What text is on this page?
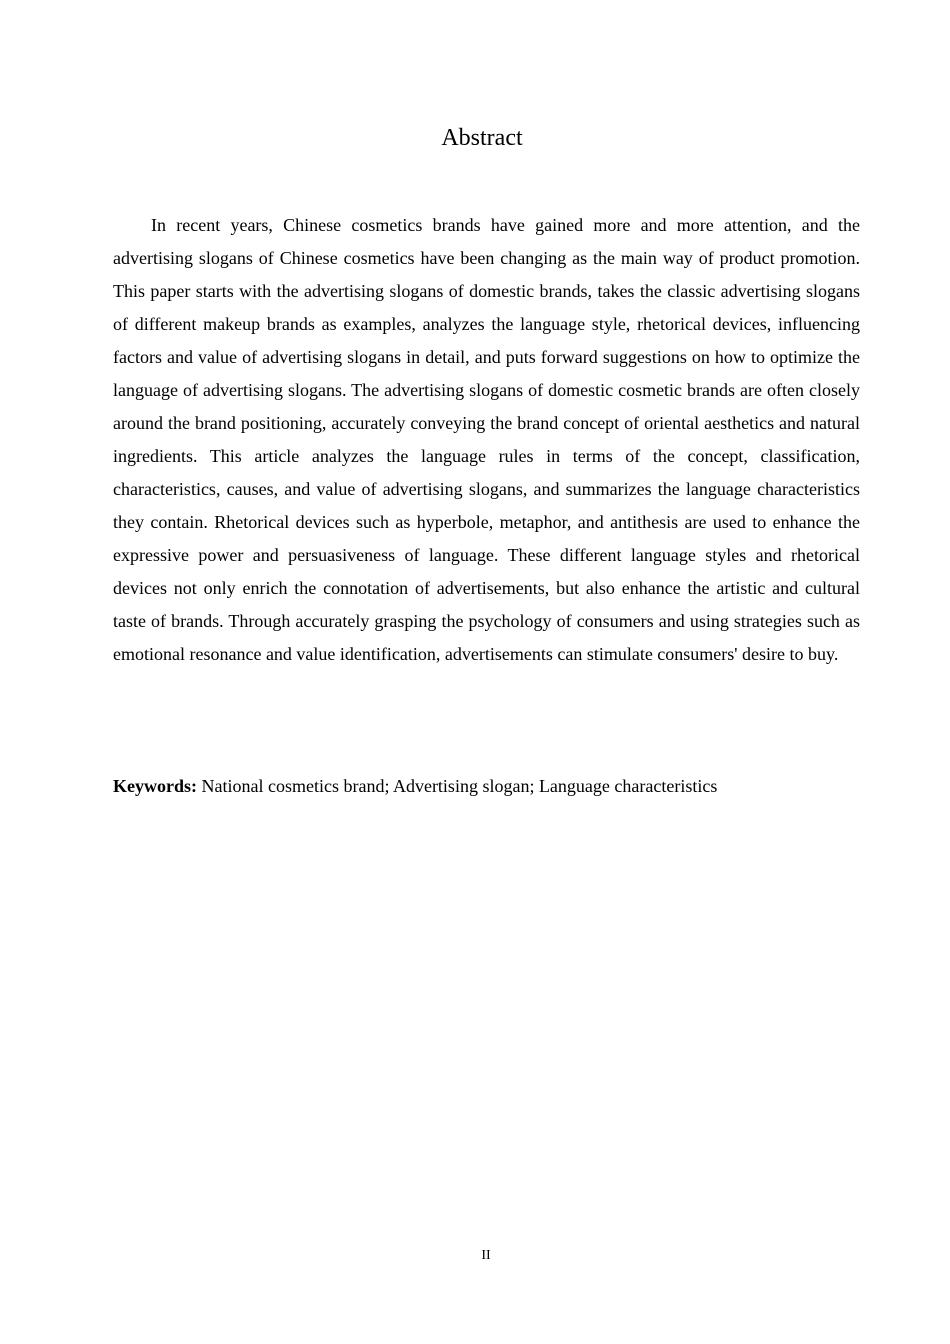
Abstract

In recent years, Chinese cosmetics brands have gained more and more attention, and the advertising slogans of Chinese cosmetics have been changing as the main way of product promotion. This paper starts with the advertising slogans of domestic brands, takes the classic advertising slogans of different makeup brands as examples, analyzes the language style, rhetorical devices, influencing factors and value of advertising slogans in detail, and puts forward suggestions on how to optimize the language of advertising slogans. The advertising slogans of domestic cosmetic brands are often closely around the brand positioning, accurately conveying the brand concept of oriental aesthetics and natural ingredients. This article analyzes the language rules in terms of the concept, classification, characteristics, causes, and value of advertising slogans, and summarizes the language characteristics they contain. Rhetorical devices such as hyperbole, metaphor, and antithesis are used to enhance the expressive power and persuasiveness of language. These different language styles and rhetorical devices not only enrich the connotation of advertisements, but also enhance the artistic and cultural taste of brands. Through accurately grasping the psychology of consumers and using strategies such as emotional resonance and value identification, advertisements can stimulate consumers' desire to buy.

Keywords: National cosmetics brand; Advertising slogan; Language characteristics

II
